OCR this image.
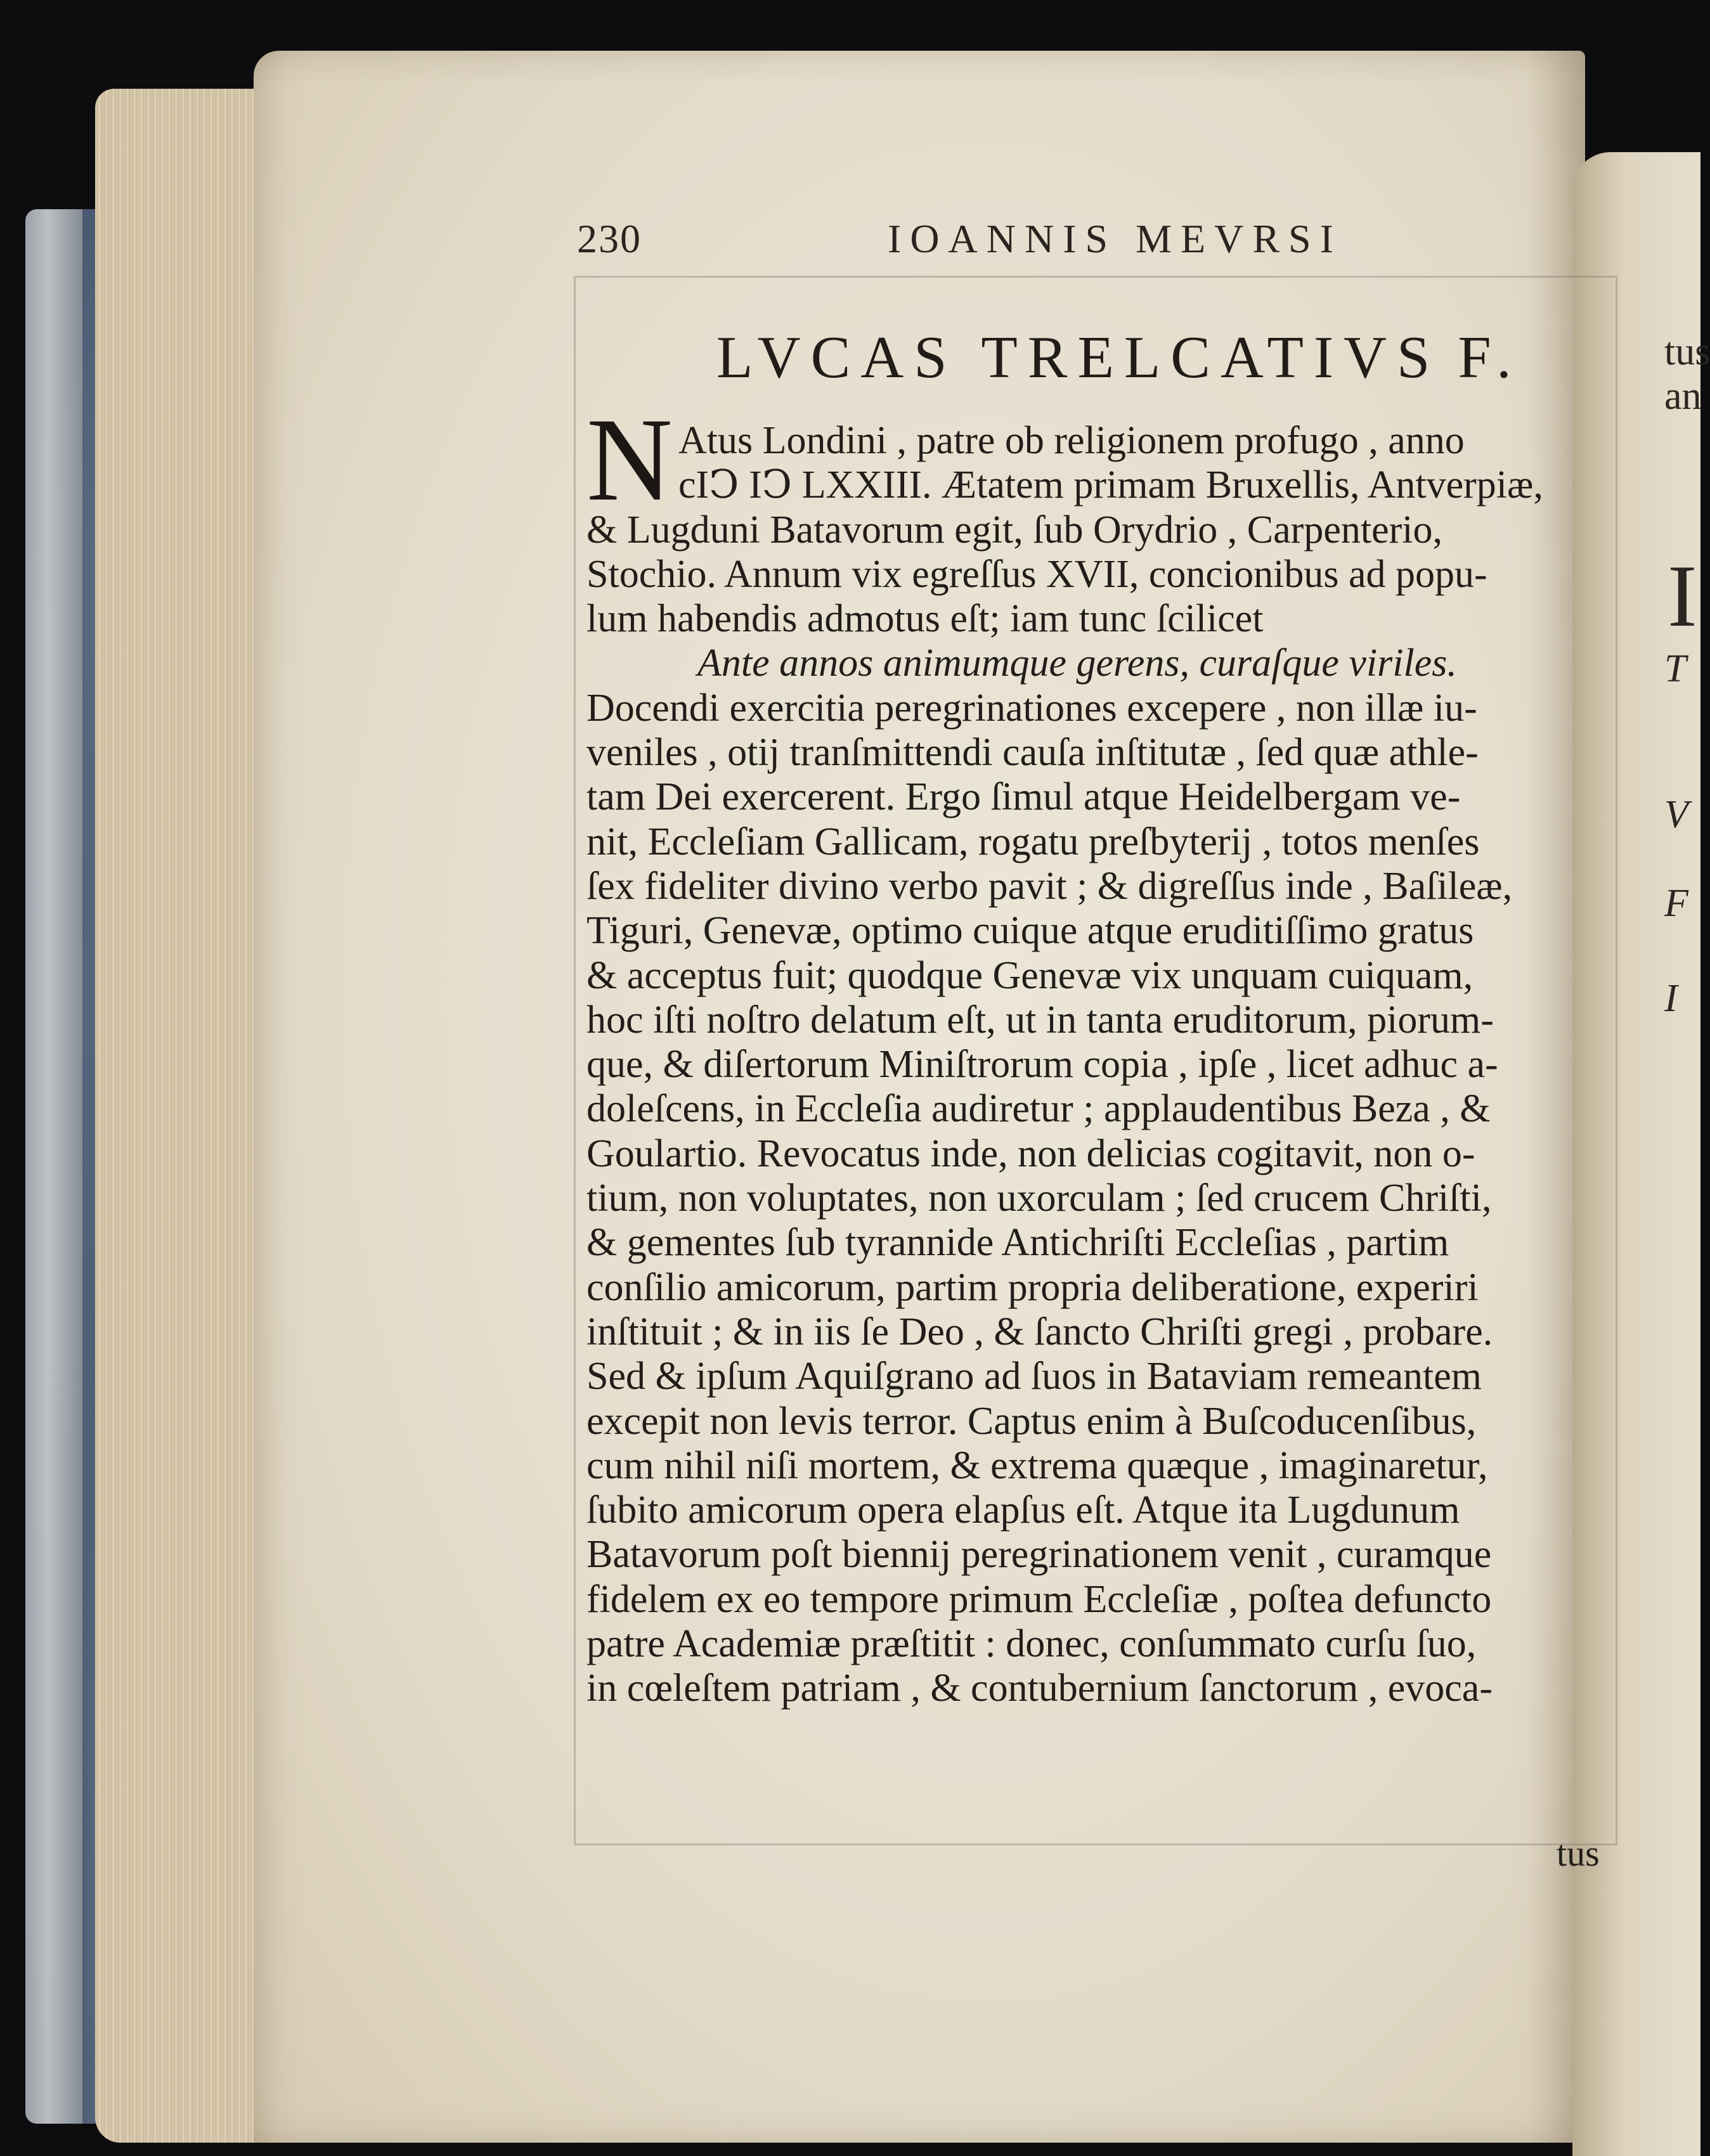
tus
an
I
T
V
F
I
230	IOANNIS MEVRSI
LVCAS TRELCATIVS F.
N Atus Londini , patre ob religionem profugo , anno
cIↃ IↃ LXXIII. Ætatem primam Bruxellis, Antverpiæ,
& Lugduni Batavorum egit, ſub Orydrio , Carpenterio,
Stochio. Annum vix egreſſus XVII, concionibus ad popu-
lum habendis admotus eſt; iam tunc ſcilicet
Ante annos animumque gerens, curaſque viriles.
Docendi exercitia peregrinationes excepere , non illæ iu-
veniles , otij tranſmittendi cauſa inſtitutæ , ſed quæ athle-
tam Dei exercerent. Ergo ſimul atque Heidelbergam ve-
nit, Eccleſiam Gallicam, rogatu preſbyterij , totos menſes
ſex fideliter divino verbo pavit ; & digreſſus inde , Baſileæ,
Tiguri, Genevæ, optimo cuique atque eruditiſſimo gratus
& acceptus fuit; quodque Genevæ vix unquam cuiquam,
hoc iſti noſtro delatum eſt, ut in tanta eruditorum, piorum-
que, & diſertorum Miniſtrorum copia , ipſe , licet adhuc a-
doleſcens, in Eccleſia audiretur ; applaudentibus Beza , &
Goulartio. Revocatus inde, non delicias cogitavit, non o-
tium, non voluptates, non uxorculam ; ſed crucem Chriſti,
& gementes ſub tyrannide Antichriſti Eccleſias , partim
conſilio amicorum, partim propria deliberatione, experiri
inſtituit ; & in iis ſe Deo , & ſancto Chriſti gregi , probare.
Sed & ipſum Aquiſgrano ad ſuos in Bataviam remeantem
excepit non levis terror. Captus enim à Buſcoducenſibus,
cum nihil niſi mortem, & extrema quæque , imaginaretur,
ſubito amicorum opera elapſus eſt. Atque ita Lugdunum
Batavorum poſt biennij peregrinationem venit , curamque
fidelem ex eo tempore primum Eccleſiæ , poſtea defuncto
patre Academiæ præſtitit : donec, conſummato curſu ſuo,
in cœleſtem patriam , & contubernium ſanctorum , evoca-
tus
